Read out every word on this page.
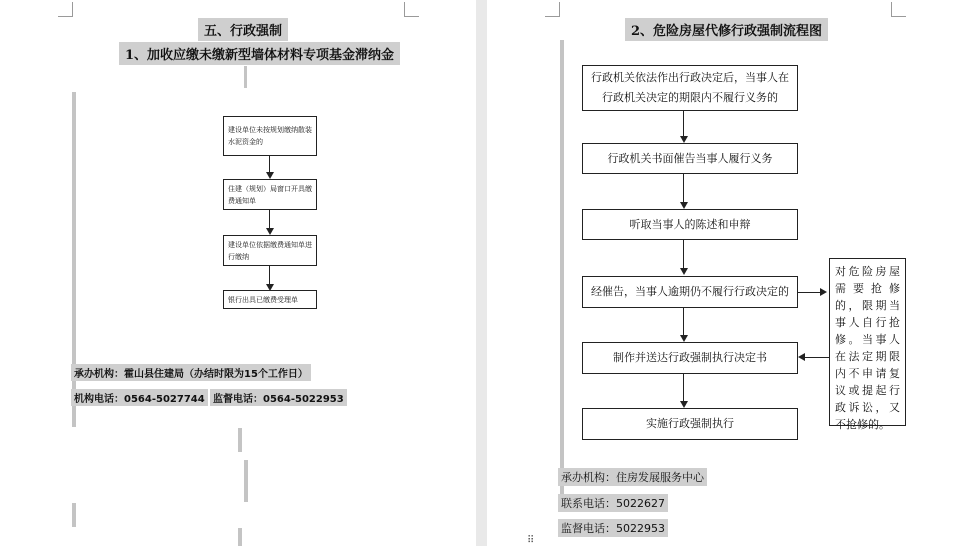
五、行政强制
1、加收应缴未缴新型墙体材料专项基金滞纳金
建设单位未按规划缴纳散装水泥资金的
住建（规划）局窗口开具缴费通知单
建设单位依据缴费通知单进行缴纳
银行出具已缴费受理单
承办机构：霍山县住建局（办结时限为15个工作日）
机构电话：0564-5027744 监督电话：0564-5022953
2、危险房屋代修行政强制流程图
行政机关依法作出行政决定后，当事人在行政机关决定的期限内不履行义务的
行政机关书面催告当事人履行义务
听取当事人的陈述和申辩
经催告，当事人逾期仍不履行行政决定的
制作并送达行政强制执行决定书
实施行政强制执行
对危险房屋需要抢修的，限期当事人自行抢修。当事人在法定期限内不申请复议或提起行政诉讼，又不抢修的。
承办机构：住房发展服务中心
联系电话：5022627
监督电话：5022953
⠿
